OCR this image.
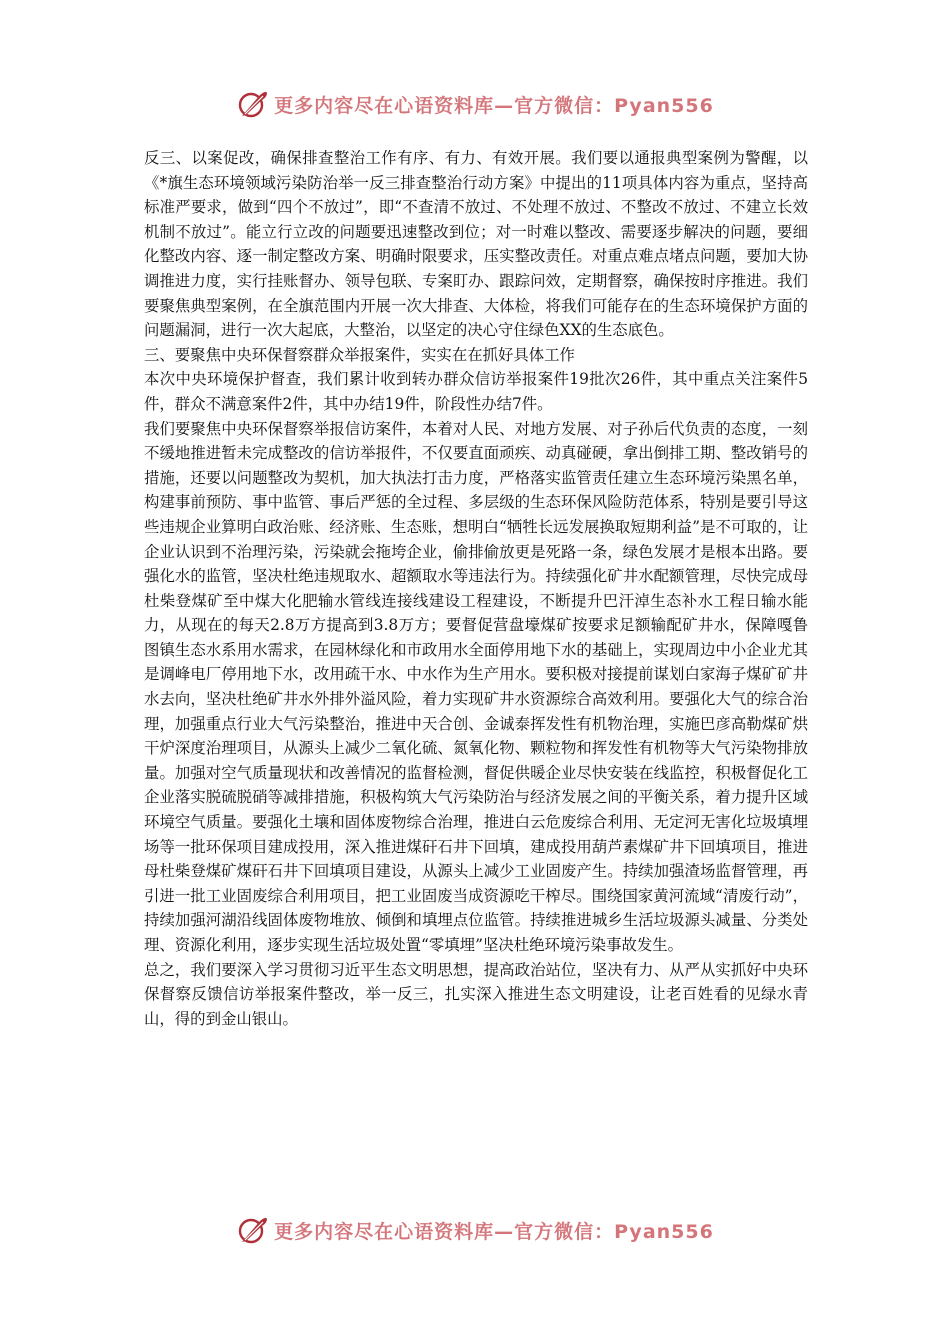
更多内容尽在心语资料库—官方微信：Pyan556

反三、以案促改，确保排查整治工作有序、有力、有效开展。我们要以通报典型案例为警醒，以《*旗生态环境领域污染防治举一反三排查整治行动方案》中提出的11项具体内容为重点，坚持高标准严要求，做到“四个不放过”，即“不查清不放过、不处理不放过、不整改不放过、不建立长效机制不放过”。能立行立改的问题要迅速整改到位；对一时难以整改、需要逐步解决的问题，要细化整改内容、逐一制定整改方案、明确时限要求，压实整改责任。对重点难点堵点问题，要加大协调推进力度，实行挂账督办、领导包联、专案盯办、跟踪问效，定期督察，确保按时序推进。我们要聚焦典型案例，在全旗范围内开展一次大排查、大体检，将我们可能存在的生态环境保护方面的问题漏洞，进行一次大起底，大整治，以坚定的决心守住绿色XX的生态底色。

三、要聚焦中央环保督察群众举报案件，实实在在抓好具体工作

本次中央环境保护督查，我们累计收到转办群众信访举报案件19批次26件，其中重点关注案件5件，群众不满意案件2件，其中办结19件，阶段性办结7件。

我们要聚焦中央环保督察举报信访案件，本着对人民、对地方发展、对子孙后代负责的态度，一刻不缓地推进暂未完成整改的信访举报件，不仅要直面顽疾、动真碰硬，拿出倒排工期、整改销号的措施，还要以问题整改为契机，加大执法打击力度，严格落实监管责任建立生态环境污染黑名单，构建事前预防、事中监管、事后严惩的全过程、多层级的生态环保风险防范体系，特别是要引导这些违规企业算明白政治账、经济账、生态账，想明白“牺牲长远发展换取短期利益”是不可取的，让企业认识到不治理污染，污染就会拖垮企业，偷排偷放更是死路一条，绿色发展才是根本出路。要强化水的监管，坚决杜绝违规取水、超额取水等违法行为。持续强化矿井水配额管理，尽快完成母杜柴登煤矿至中煤大化肥输水管线连接线建设工程建设，不断提升巴汗淖生态补水工程日输水能力，从现在的每天2.8万方提高到3.8万方；要督促营盘壕煤矿按要求足额输配矿井水，保障嘎鲁图镇生态水系用水需求，在园林绿化和市政用水全面停用地下水的基础上，实现周边中小企业尤其是调峰电厂停用地下水，改用疏干水、中水作为生产用水。要积极对接提前谋划白家海子煤矿矿井水去向，坚决杜绝矿井水外排外溢风险，着力实现矿井水资源综合高效利用。要强化大气的综合治理，加强重点行业大气污染整治，推进中天合创、金诚泰挥发性有机物治理，实施巴彦高勒煤矿烘干炉深度治理项目，从源头上减少二氧化硫、氮氧化物、颗粒物和挥发性有机物等大气污染物排放量。加强对空气质量现状和改善情况的监督检测，督促供暖企业尽快安装在线监控，积极督促化工企业落实脱硫脱硝等减排措施，积极构筑大气污染防治与经济发展之间的平衡关系，着力提升区域环境空气质量。要强化土壤和固体废物综合治理，推进白云危废综合利用、无定河无害化垃圾填埋场等一批环保项目建成投用，深入推进煤矸石井下回填，建成投用葫芦素煤矿井下回填项目，推进母杜柴登煤矿煤矸石井下回填项目建设，从源头上减少工业固废产生。持续加强渣场监督管理，再引进一批工业固废综合利用项目，把工业固废当成资源吃干榨尽。围绕国家黄河流域“清废行动”，持续加强河湖沿线固体废物堆放、倾倒和填埋点位监管。持续推进城乡生活垃圾源头减量、分类处理、资源化利用，逐步实现生活垃圾处置“零填埋”坚决杜绝环境污染事故发生。

总之，我们要深入学习贯彻习近平生态文明思想，提高政治站位，坚决有力、从严从实抓好中央环保督察反馈信访举报案件整改，举一反三，扎实深入推进生态文明建设，让老百姓看的见绿水青山，得的到金山银山。

更多内容尽在心语资料库—官方微信：Pyan556
